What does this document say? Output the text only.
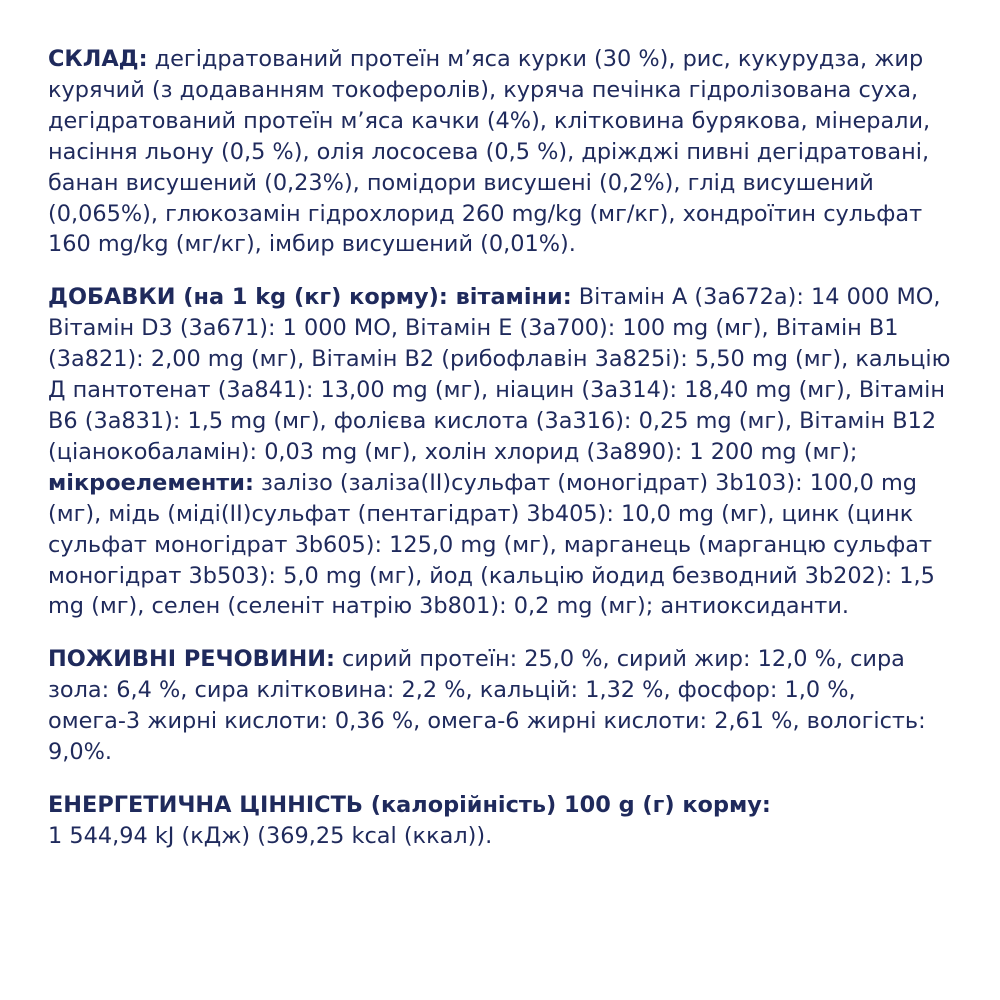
СКЛАД: дегідратований протеїн м’яса курки (30 %), рис, кукурудза, жир курячий (з додаванням токоферолів), куряча печінка гідролізована суха, дегідратований протеїн м’яса качки (4%), клітковина бурякова, мінерали, насіння льону (0,5 %), олія лососева (0,5 %), дріжджі пивні дегідратовані, банан висушений (0,23%), помідори висушені (0,2%), глід висушений (0,065%), глюкозамін гідрохлорид 260 mg/kg (мг/кг), хондроїтин сульфат 160 mg/kg (мг/кг), імбир висушений (0,01%).

ДОБАВКИ (на 1 kg (кг) корму): вітаміни: Вітамін А (3а672а): 14 000 МО, Вітамін D3 (3а671): 1 000 МО, Вітамін Е (3а700): 100 mg (мг), Вітамін B1 (3а821): 2,00 mg (мг), Вітамін B2 (рибофлавін 3а825і): 5,50 mg (мг), кальцію Д пантотенат (3а841): 13,00 mg (мг), ніацин (3а314): 18,40 mg (мг), Вітамін B6 (3а831): 1,5 mg (мг), фолієва кислота (3а316): 0,25 mg (мг), Вітамін B12 (ціанокобаламін): 0,03 mg (мг), холін хлорид (3а890): 1 200 mg (мг); мікроелементи: залізо (заліза(II)сульфат (моногідрат) 3b103): 100,0 mg (мг), мідь (міді(II)сульфат (пентагідрат) 3b405): 10,0 mg (мг), цинк (цинк сульфат моногідрат 3b605): 125,0 mg (мг), марганець (марганцю сульфат моногідрат 3b503): 5,0 mg (мг), йод (кальцію йодид безводний 3b202): 1,5 mg (мг), селен (селеніт натрію 3b801): 0,2 mg (мг); антиоксиданти.

ПОЖИВНІ РЕЧОВИНИ: сирий протеїн: 25,0 %, сирий жир: 12,0 %, сира зола: 6,4 %, сира клітковина: 2,2 %, кальцій: 1,32 %, фосфор: 1,0 %, омега-3 жирні кислоти: 0,36 %, омега-6 жирні кислоти: 2,61 %, вологість: 9,0%.

ЕНЕРГЕТИЧНА ЦІННІСТЬ (калорійність) 100 g (г) корму:
1 544,94 kJ (кДж) (369,25 kcal (ккал)).
